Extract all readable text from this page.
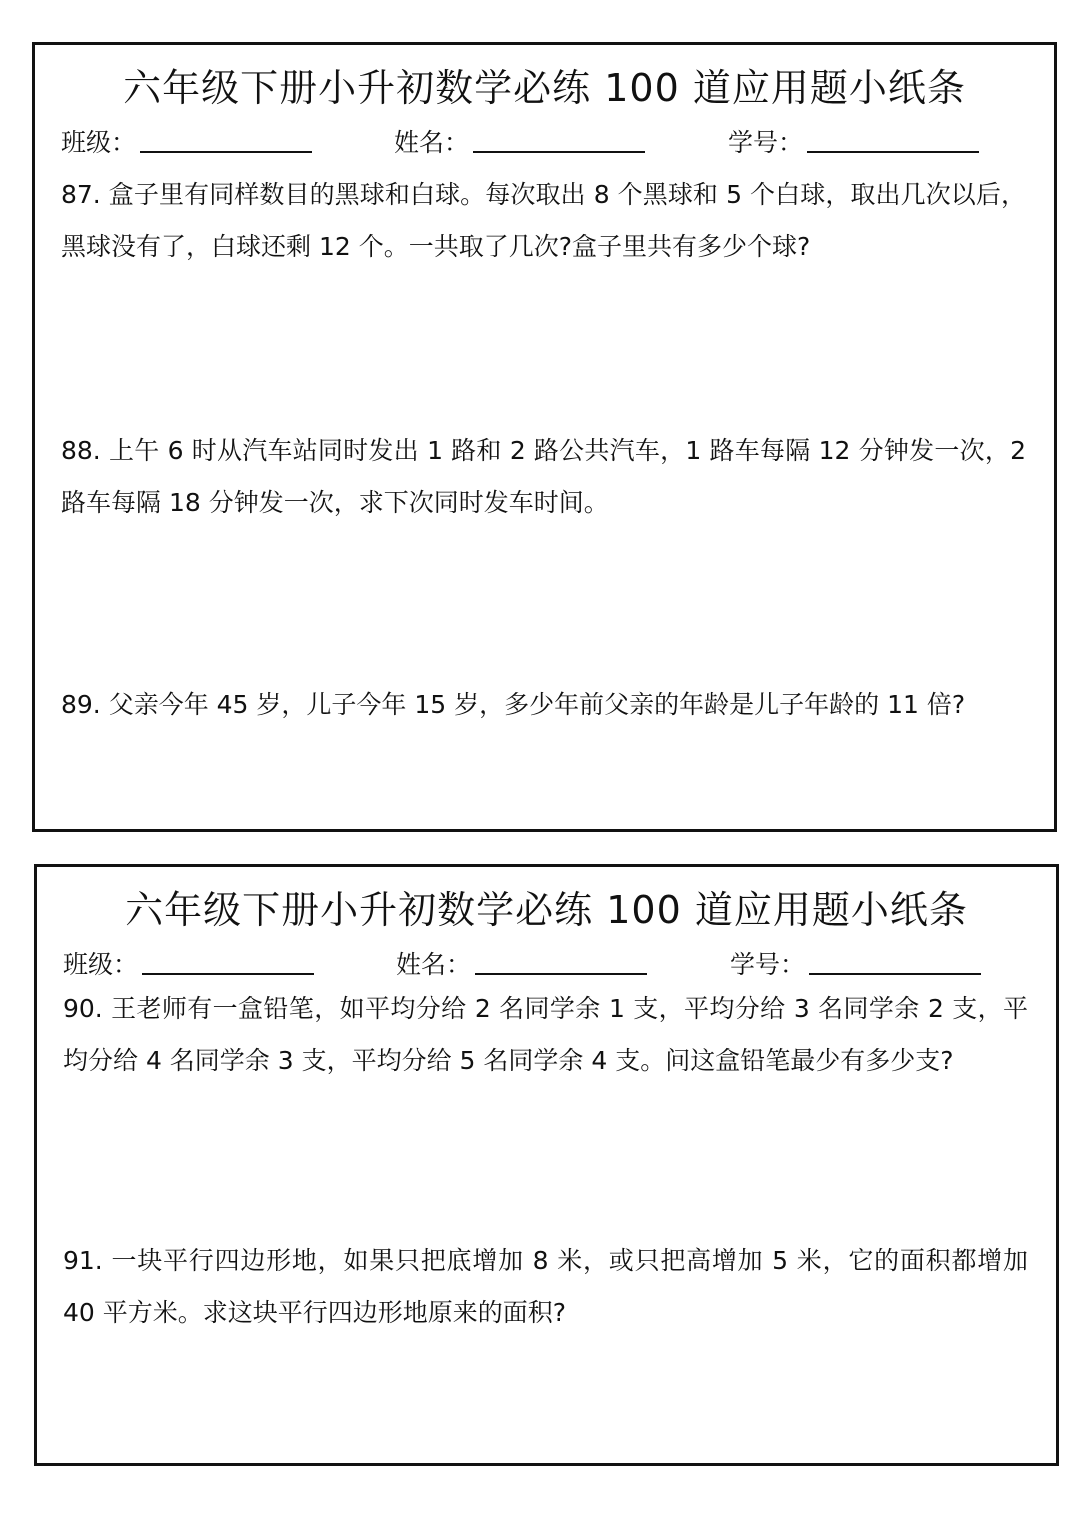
六年级下册小升初数学必练 100 道应用题小纸条
班级：	姓名：	学号：

87. 盒子里有同样数目的黑球和白球。每次取出 8 个黑球和 5 个白球，取出几次以后，黑球没有了，白球还剩 12 个。一共取了几次?盒子里共有多少个球?

88. 上午 6 时从汽车站同时发出 1 路和 2 路公共汽车，1 路车每隔 12 分钟发一次，2 路车每隔 18 分钟发一次，求下次同时发车时间。

89. 父亲今年 45 岁，儿子今年 15 岁，多少年前父亲的年龄是儿子年龄的 11 倍?

六年级下册小升初数学必练 100 道应用题小纸条
班级：	姓名：	学号：

90. 王老师有一盒铅笔，如平均分给 2 名同学余 1 支，平均分给 3 名同学余 2 支，平均分给 4 名同学余 3 支，平均分给 5 名同学余 4 支。问这盒铅笔最少有多少支?

91. 一块平行四边形地，如果只把底增加 8 米，或只把高增加 5 米，它的面积都增加 40 平方米。求这块平行四边形地原来的面积?
